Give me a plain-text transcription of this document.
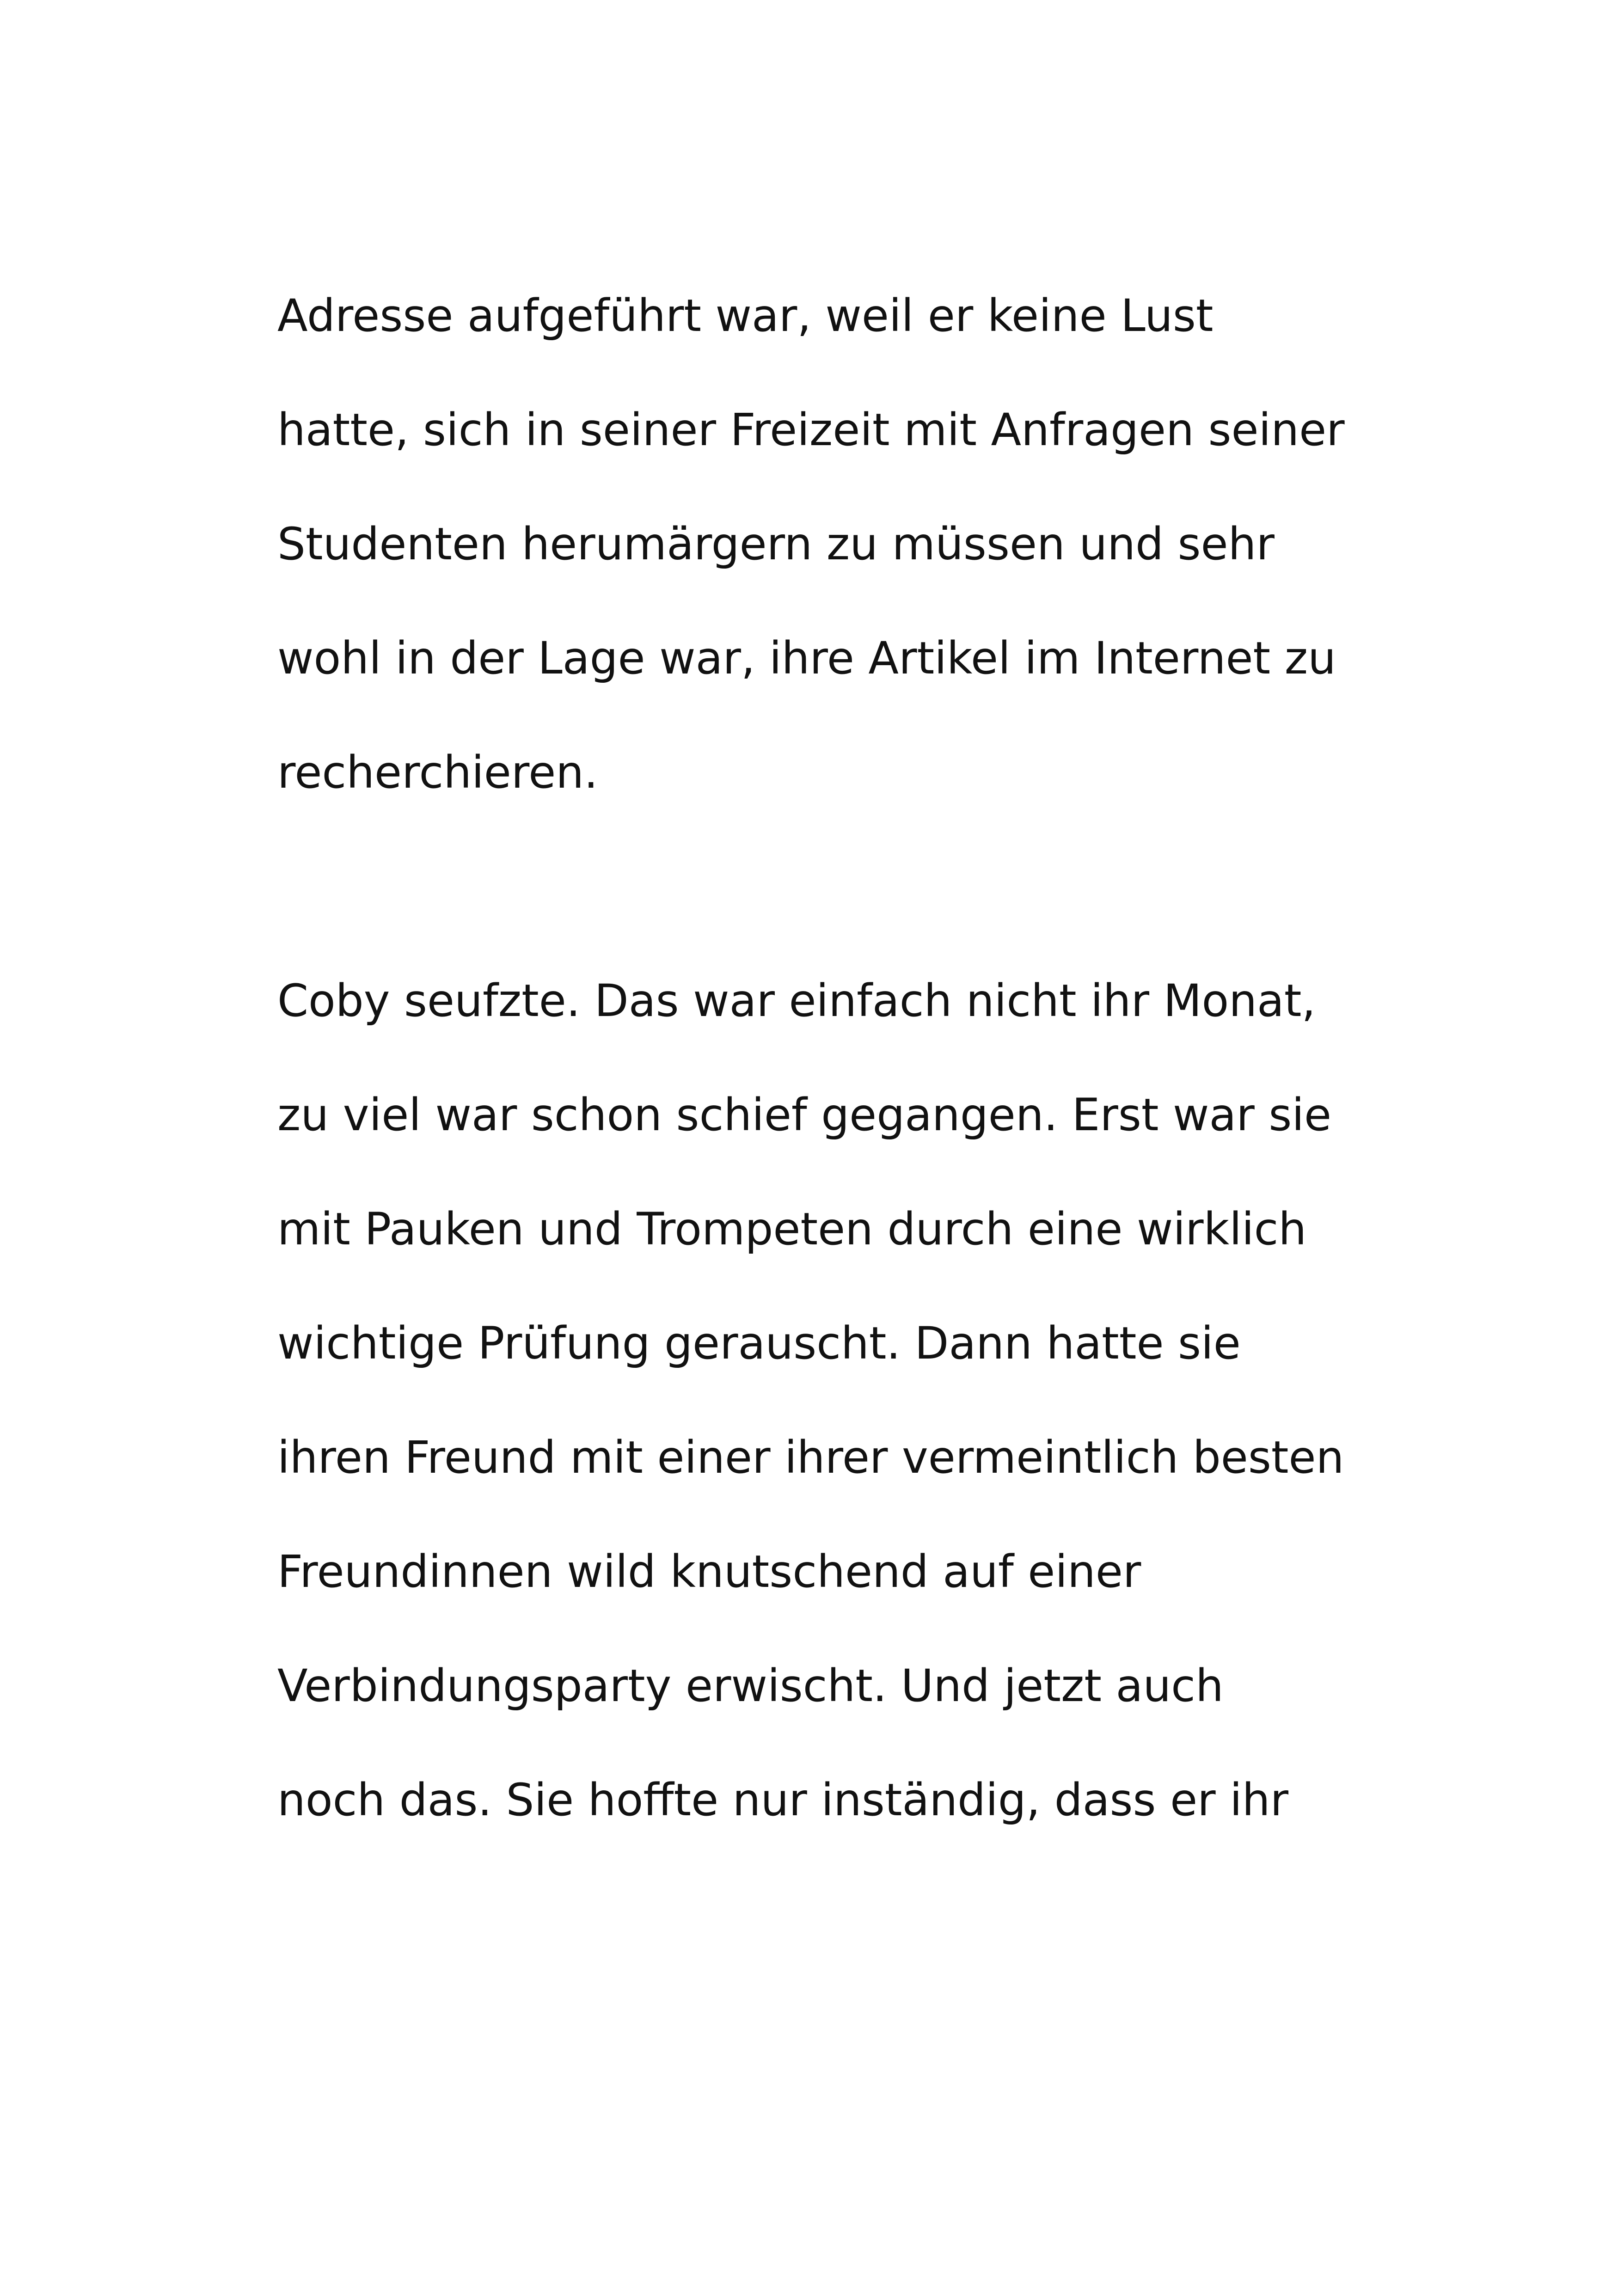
Adresse aufgeführt war, weil er keine Lust
hatte, sich in seiner Freizeit mit Anfragen seiner
Studenten herumärgern zu müssen und sehr
wohl in der Lage war, ihre Artikel im Internet zu
recherchieren.

Coby seufzte. Das war einfach nicht ihr Monat,
zu viel war schon schief gegangen. Erst war sie
mit Pauken und Trompeten durch eine wirklich
wichtige Prüfung gerauscht. Dann hatte sie
ihren Freund mit einer ihrer vermeintlich besten
Freundinnen wild knutschend auf einer
Verbindungsparty erwischt. Und jetzt auch
noch das. Sie hoffte nur inständig, dass er ihr
